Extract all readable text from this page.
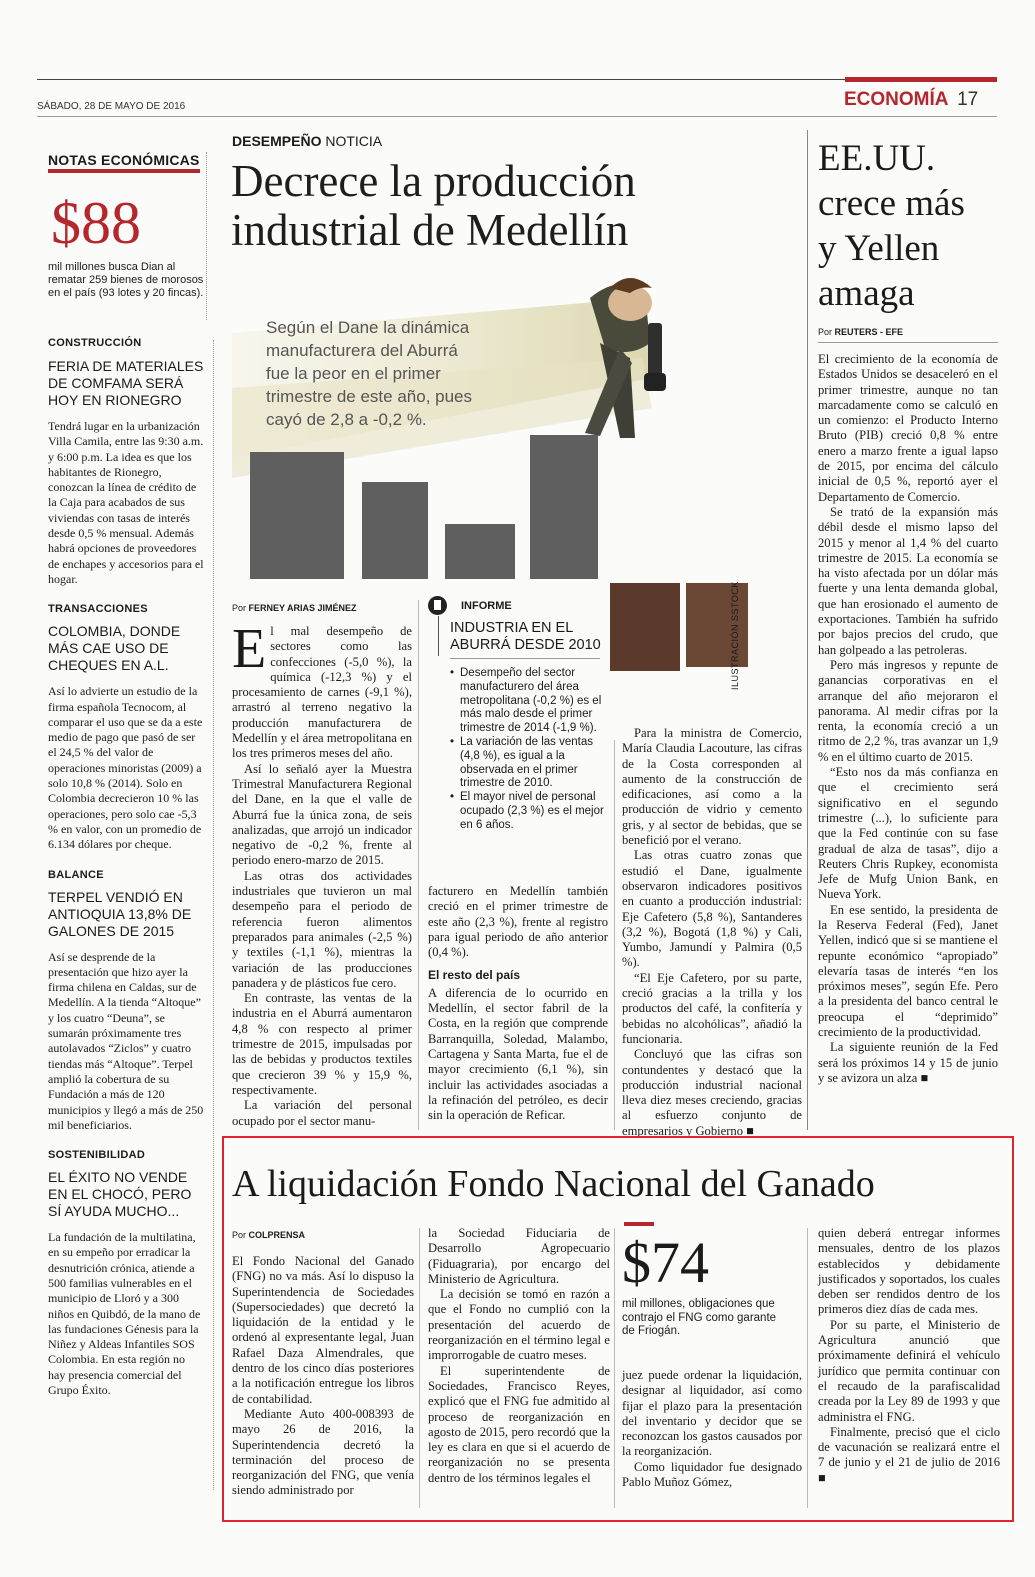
SÁBADO, 28 DE MAYO DE 2016	ECONOMÍA 17
NOTAS ECONÓMICAS
$88
mil millones busca Dian al rematar 259 bienes de morosos en el país (93 lotes y 20 fincas).
CONSTRUCCIÓN
FERIA DE MATERIALES DE COMFAMA SERÁ HOY EN RIONEGRO
Tendrá lugar en la urbanización Villa Camila, entre las 9:30 a.m. y 6:00 p.m. La idea es que los habitantes de Rionegro, conozcan la línea de crédito de la Caja para acabados de sus viviendas con tasas de interés desde 0,5 % mensual. Además habrá opciones de proveedores de enchapes y accesorios para el hogar.
TRANSACCIONES
COLOMBIA, DONDE MÁS CAE USO DE CHEQUES EN A.L.
Así lo advierte un estudio de la firma española Tecnocom, al comparar el uso que se da a este medio de pago que pasó de ser el 24,5 % del valor de operaciones minoristas (2009) a solo 10,8 % (2014). Solo en Colombia decrecieron 10 % las operaciones, pero solo cae -5,3 % en valor, con un promedio de 6.134 dólares por cheque.
BALANCE
TERPEL VENDIÓ EN ANTIOQUIA 13,8% DE GALONES DE 2015
Así se desprende de la presentación que hizo ayer la firma chilena en Caldas, sur de Medellín. A la tienda “Altoque” y los cuatro “Deuna”, se sumarán próximamente tres autolavados “Ziclos” y cuatro tiendas más “Altoque”. Terpel amplió la cobertura de su Fundación a más de 120 municipios y llegó a más de 250 mil beneficiarios.
SOSTENIBILIDAD
EL ÉXITO NO VENDE EN EL CHOCÓ, PERO SÍ AYUDA MUCHO...
La fundación de la multilatina, en su empeño por erradicar la desnutrición crónica, atiende a 500 familias vulnerables en el municipio de Lloró y a 300 niños en Quibdó, de la mano de las fundaciones Génesis para la Niñez y Aldeas Infantiles SOS Colombia. En esta región no hay presencia comercial del Grupo Éxito.
DESEMPEÑO NOTICIA
Decrece la producción
industrial de Medellín
Según el Dane la dinámica
manufacturera del Aburrá
fue la peor en el primer
trimestre de este año, pues
cayó de 2,8 a -0,2 %.
Por FERNEY ARIAS JIMÉNEZ

El mal desempeño de sectores como las confecciones (-5,0 %), la química (-12,3 %) y el procesamiento de carnes (-9,1 %), arrastró al terreno negativo la producción manufacturera de Medellín y el área metropolitana en los tres primeros meses del año.

Así lo señaló ayer la Muestra Trimestral Manufacturera Regional del Dane, en la que el valle de Aburrá fue la única zona, de seis analizadas, que arrojó un indicador negativo de -0,2 %, frente al periodo enero-marzo de 2015.

Las otras dos actividades industriales que tuvieron un mal desempeño para el periodo de referencia fueron alimentos preparados para animales (-2,5 %) y textiles (-1,1 %), mientras la variación de las producciones panadera y de plásticos fue cero.

En contraste, las ventas de la industria en el Aburrá aumentaron 4,8 % con respecto al primer trimestre de 2015, impulsadas por las de bebidas y productos textiles que crecieron 39 % y 15,9 %, respectivamente.

La variación del personal ocupado por el sector manu-

INFORME
INDUSTRIA EN EL ABURRÁ DESDE 2010
• Desempeño del sector manufacturero del área metropolitana (-0,2 %) es el más malo desde el primer trimestre de 2014 (-1,9 %).
• La variación de las ventas (4,8 %), es igual a la observada en el primer trimestre de 2010.
• El mayor nivel de personal ocupado (2,3 %) es el mejor en 6 años.
ILUSTRACIÓN SSTOCK

facturero en Medellín también creció en el primer trimestre de este año (2,3 %), frente al registro para igual periodo de año anterior (0,4 %).

El resto del país

A diferencia de lo ocurrido en Medellín, el sector fabril de la Costa, en la región que comprende Barranquilla, Soledad, Malambo, Cartagena y Santa Marta, fue el de mayor crecimiento (6,1 %), sin incluir las actividades asociadas a la refinación del petróleo, es decir sin la operación de Reficar.

Para la ministra de Comercio, María Claudia Lacouture, las cifras de la Costa corresponden al aumento de la construcción de edificaciones, así como a la producción de vidrio y cemento gris, y al sector de bebidas, que se benefició por el verano.

Las otras cuatro zonas que estudió el Dane, igualmente observaron indicadores positivos en cuanto a producción industrial: Eje Cafetero (5,8 %), Santanderes (3,2 %), Bogotá (1,8 %) y Cali, Yumbo, Jamundí y Palmira (0,5 %).

“El Eje Cafetero, por su parte, creció gracias a la trilla y los productos del café, la confitería y bebidas no alcohólicas”, añadió la funcionaria.

Concluyó que las cifras son contundentes y destacó que la producción industrial nacional lleva diez meses creciendo, gracias al esfuerzo conjunto de empresarios y Gobierno ■

EE.UU.
crece más
y Yellen
amaga
Por REUTERS - EFE

El crecimiento de la economía de Estados Unidos se desaceleró en el primer trimestre, aunque no tan marcadamente como se calculó en un comienzo: el Producto Interno Bruto (PIB) creció 0,8 % entre enero a marzo frente a igual lapso de 2015, por encima del cálculo inicial de 0,5 %, reportó ayer el Departamento de Comercio.

Se trató de la expansión más débil desde el mismo lapso del 2015 y menor al 1,4 % del cuarto trimestre de 2015. La economía se ha visto afectada por un dólar más fuerte y una lenta demanda global, que han erosionado el aumento de exportaciones. También ha sufrido por bajos precios del crudo, que han golpeado a las petroleras.

Pero más ingresos y repunte de ganancias corporativas en el arranque del año mejoraron el panorama. Al medir cifras por la renta, la economía creció a un ritmo de 2,2 %, tras avanzar un 1,9 % en el último cuarto de 2015.

“Esto nos da más confianza en que el crecimiento será significativo en el segundo trimestre (...), lo suficiente para que la Fed continúe con su fase gradual de alza de tasas”, dijo a Reuters Chris Rupkey, economista Jefe de Mufg Union Bank, en Nueva York.

En ese sentido, la presidenta de la Reserva Federal (Fed), Janet Yellen, indicó que si se mantiene el repunte económico “apropiado” elevaría tasas de interés “en los próximos meses”, según Efe. Pero a la presidenta del banco central le preocupa el “deprimido” crecimiento de la productividad.

La siguiente reunión de la Fed será los próximos 14 y 15 de junio y se avizora un alza ■

A liquidación Fondo Nacional del Ganado
Por COLPRENSA

El Fondo Nacional del Ganado (FNG) no va más. Así lo dispuso la Superintendencia de Sociedades (Supersociedades) que decretó la liquidación de la entidad y le ordenó al expresentante legal, Juan Rafael Daza Almendrales, que dentro de los cinco días posteriores a la notificación entregue los libros de contabilidad.

Mediante Auto 400-008393 de mayo 26 de 2016, la Superintendencia decretó la terminación del proceso de reorganización del FNG, que venía siendo administrado por

la Sociedad Fiduciaria de Desarrollo Agropecuario (Fiduagraria), por encargo del Ministerio de Agricultura.

La decisión se tomó en razón a que el Fondo no cumplió con la presentación del acuerdo de reorganización en el término legal e improrrogable de cuatro meses.

El superintendente de Sociedades, Francisco Reyes, explicó que el FNG fue admitido al proceso de reorganización en agosto de 2015, pero recordó que la ley es clara en que si el acuerdo de reorganización no se presenta dentro de los términos legales el

$74
mil millones, obligaciones que contrajo el FNG como garante de Friogán.

juez puede ordenar la liquidación, designar al liquidador, así como fijar el plazo para la presentación del inventario y decidor que se reconozcan los gastos causados por la reorganización.

Como liquidador fue designado Pablo Muñoz Gómez,

quien deberá entregar informes mensuales, dentro de los plazos establecidos y debidamente justificados y soportados, los cuales deben ser rendidos dentro de los primeros diez días de cada mes.

Por su parte, el Ministerio de Agricultura anunció que próximamente definirá el vehículo jurídico que permita continuar con el recaudo de la parafiscalidad creada por la Ley 89 de 1993 y que administra el FNG.

Finalmente, precisó que el ciclo de vacunación se realizará entre el 7 de junio y el 21 de julio de 2016 ■
